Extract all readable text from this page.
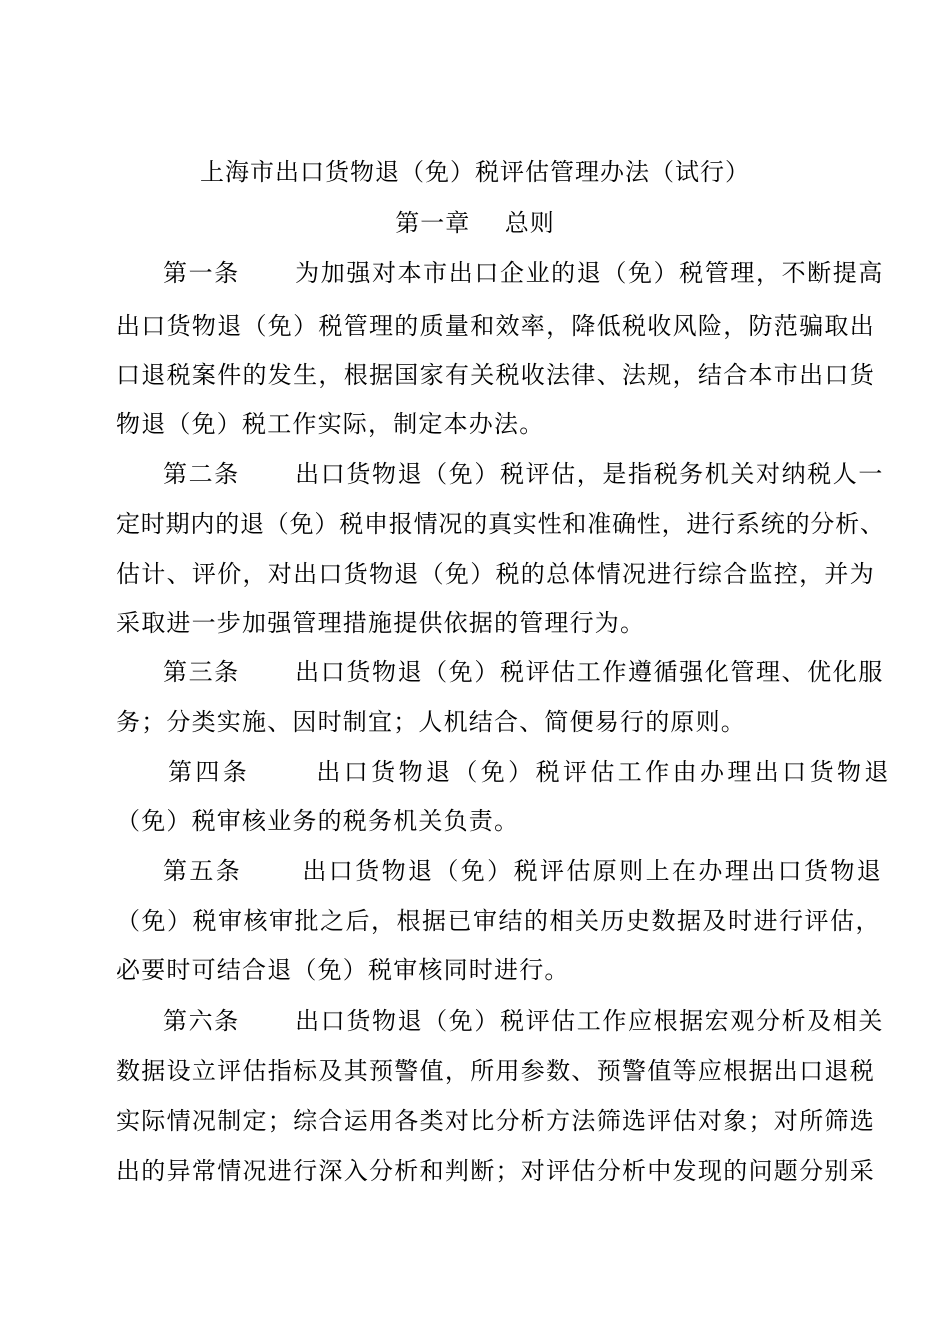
上海市出口货物退（免）税评估管理办法（试行）
第一章    总则
第一条      为加强对本市出口企业的退（免）税管理，不断提高
出口货物退（免）税管理的质量和效率，降低税收风险，防范骗取出
口退税案件的发生，根据国家有关税收法律、法规，结合本市出口货
物退（免）税工作实际，制定本办法。
第二条      出口货物退（免）税评估，是指税务机关对纳税人一
定时期内的退（免）税申报情况的真实性和准确性，进行系统的分析、
估计、评价，对出口货物退（免）税的总体情况进行综合监控，并为
采取进一步加强管理措施提供依据的管理行为。
第三条      出口货物退（免）税评估工作遵循强化管理、优化服
务；分类实施、因时制宜；人机结合、简便易行的原则。
第四条      出口货物退（免）税评估工作由办理出口货物退
（免）税审核业务的税务机关负责。
第五条      出口货物退（免）税评估原则上在办理出口货物退
（免）税审核审批之后，根据已审结的相关历史数据及时进行评估，
必要时可结合退（免）税审核同时进行。
第六条      出口货物退（免）税评估工作应根据宏观分析及相关
数据设立评估指标及其预警值，所用参数、预警值等应根据出口退税
实际情况制定；综合运用各类对比分析方法筛选评估对象；对所筛选
出的异常情况进行深入分析和判断；对评估分析中发现的问题分别采
